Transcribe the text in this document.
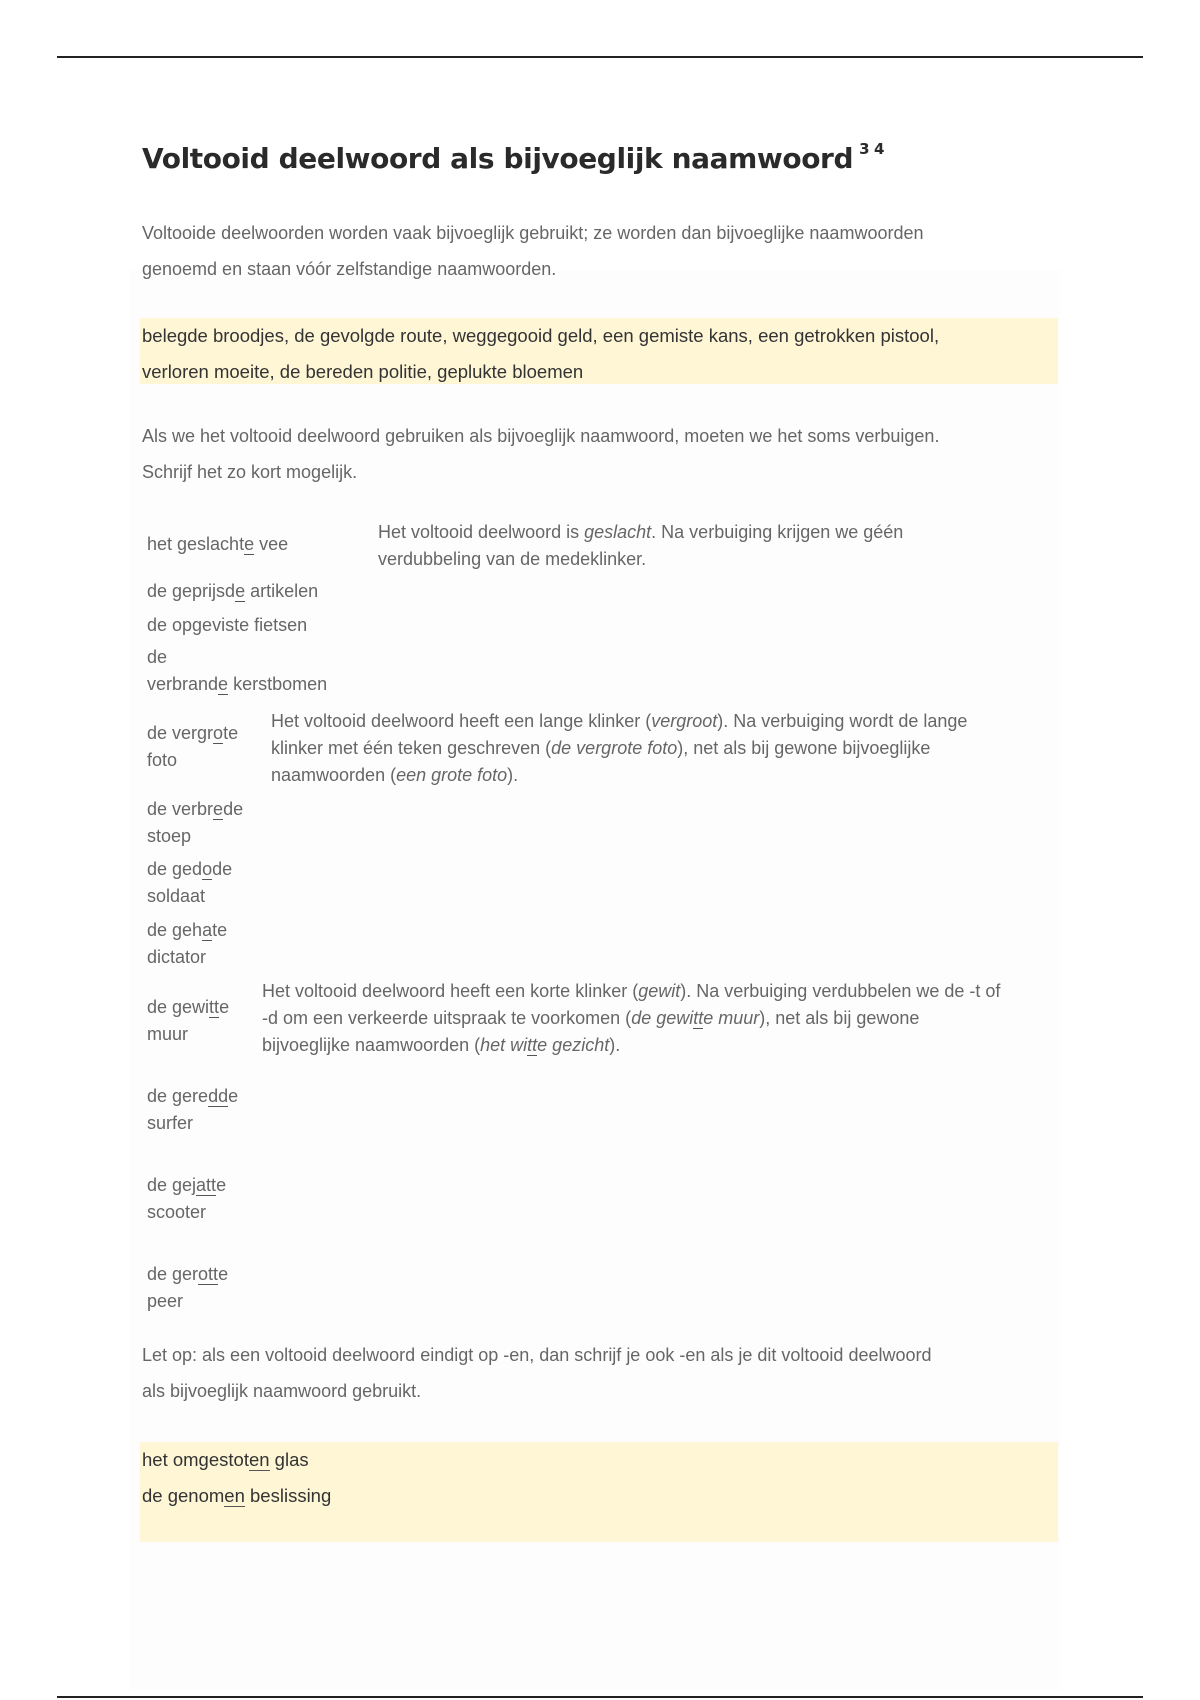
Voltooid deelwoord als bijvoeglijk naamwoord $^{3 4}$
Voltooide deelwoorden worden vaak bijvoeglijk gebruikt; ze worden dan bijvoeglijke naamwoorden
genoemd en staan vóór zelfstandige naamwoorden.
belegde broodjes, de gevolgde route, weggegooid geld, een gemiste kans, een getrokken pistool,
verloren moeite, de bereden politie, geplukte bloemen
Als we het voltooid deelwoord gebruiken als bijvoeglijk naamwoord, moeten we het soms verbuigen.
Schrijf het zo kort mogelijk.
het geslachte vee
Het voltooid deelwoord is geslacht. Na verbuiging krijgen we géén
verdubbeling van de medeklinker.
de geprijsde artikelen
de opgeviste fietsen
de
verbrande kerstbomen
de vergrote
foto
Het voltooid deelwoord heeft een lange klinker (vergroot). Na verbuiging wordt de lange
klinker met één teken geschreven (de vergrote foto), net als bij gewone bijvoeglijke
naamwoorden (een grote foto).
de verbrede
stoep
de gedode
soldaat
de gehate
dictator
de gewitte
muur
Het voltooid deelwoord heeft een korte klinker (gewit). Na verbuiging verdubbelen we de -t of
-d om een verkeerde uitspraak te voorkomen (de gewitte muur), net als bij gewone
bijvoeglijke naamwoorden (het witte gezicht).
de geredde
surfer
de gejatte
scooter
de gerotte
peer
Let op: als een voltooid deelwoord eindigt op -en, dan schrijf je ook -en als je dit voltooid deelwoord
als bijvoeglijk naamwoord gebruikt.
het omgestoten glas
de genomen beslissing
